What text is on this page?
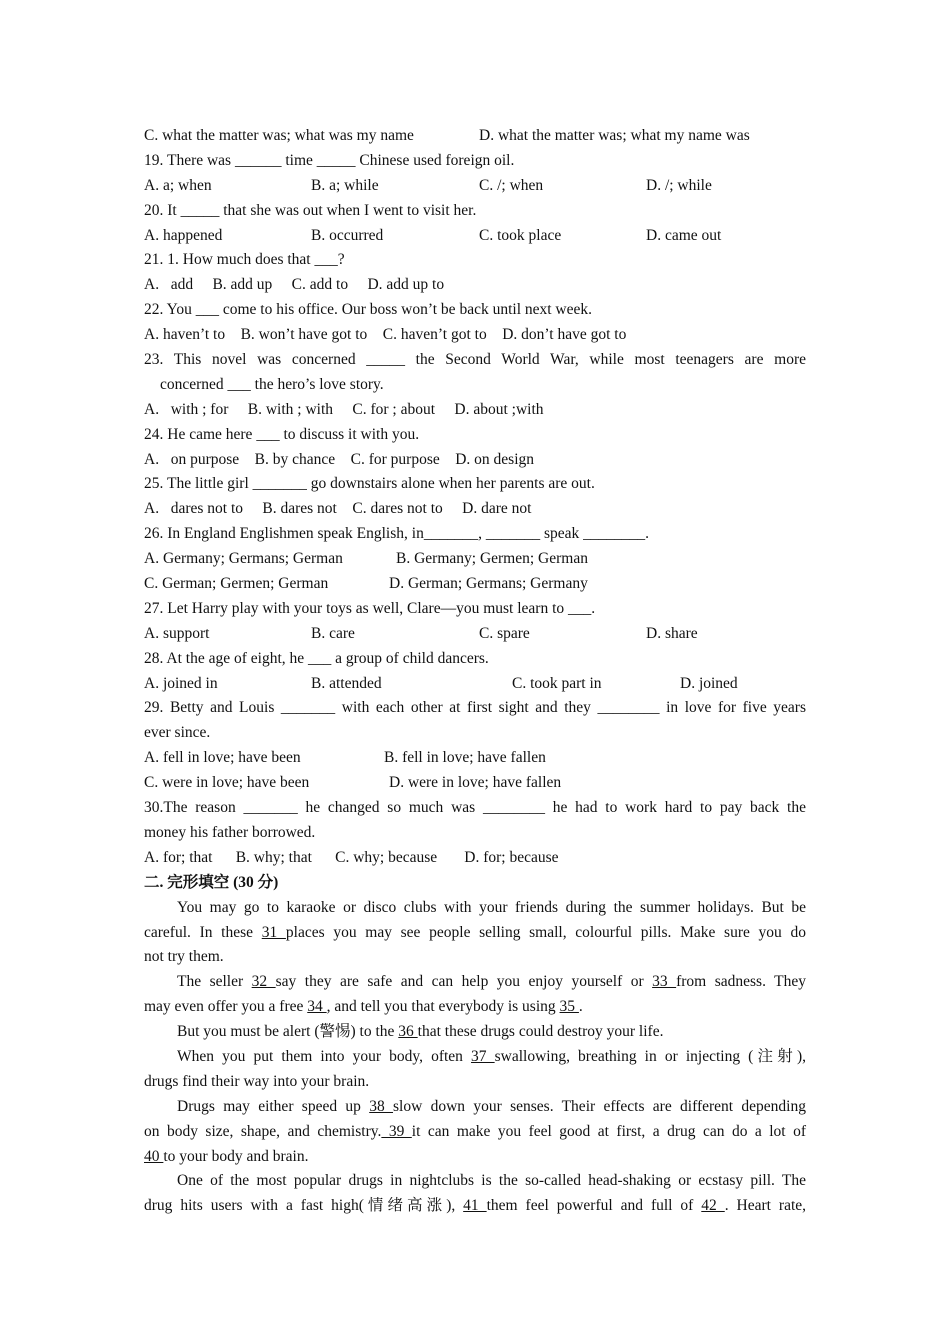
C. what the matter was; what was my name	D. what the matter was; what my name was
19. There was ______ time _____ Chinese used foreign oil.
A. a; when	B. a; while	C. /; when	D. /; while
20. It _____ that she was out when I went to visit her.
A. happened	B. occurred	C. took place	D. came out
21. 1. How much does that ___?
A.   add     B. add up     C. add to     D. add up to
22. You ___ come to his office. Our boss won’t be back until next week.
A. haven’t to    B. won’t have got to    C. haven’t got to    D. don’t have got to
23. This novel was concerned _____ the Second World War, while most teenagers are more
concerned ___ the hero’s love story.
A.   with ; for     B. with ; with     C. for ; about     D. about ;with
24. He came here ___ to discuss it with you.
A.   on purpose    B. by chance    C. for purpose    D. on design
25. The little girl _______ go downstairs alone when her parents are out.
A.   dares not to     B. dares not    C. dares not to     D. dare not
26. In England Englishmen speak English, in_______, _______ speak ________.
A. Germany; Germans; German	B. Germany; Germen; German
C. German; Germen; German	D. German; Germans; Germany
27. Let Harry play with your toys as well, Clare—you must learn to ___.
A. support	B. care	C. spare	D. share
28. At the age of eight, he ___ a group of child dancers.
A. joined in	B. attended	C. took part in	D. joined
29. Betty and Louis _______ with each other at first sight and they ________ in love for five years
ever since.
A. fell in love; have been	B. fell in love; have fallen
C. were in love; have been	D. were in love; have fallen
30.The reason _______ he changed so much was ________ he had to work hard to pay back the
money his father borrowed.
A. for; that      B. why; that      C. why; because       D. for; because
二. 完形填空 (30 分)
You may go to karaoke or disco clubs with your friends during the summer holidays. But be
careful. In these 31 places you may see people selling small, colourful pills. Make sure you do
not try them.
The seller 32 say they are safe and can help you enjoy yourself or 33 from sadness. They
may even offer you a free 34 , and tell you that everybody is using 35 .
But you must be alert (警惕) to the 36 that these drugs could destroy your life.
When you put them into your body, often 37 swallowing, breathing in or injecting (注射),
drugs find their way into your brain.
Drugs may either speed up 38 slow down your senses. Their effects are different depending
on body size, shape, and chemistry. 39 it can make you feel good at first, a drug can do a lot of
40 to your body and brain.
One of the most popular drugs in nightclubs is the so-called head-shaking or ecstasy pill. The
drug hits users with a fast high(情绪高涨), 41 them feel powerful and full of 42 . Heart rate,
